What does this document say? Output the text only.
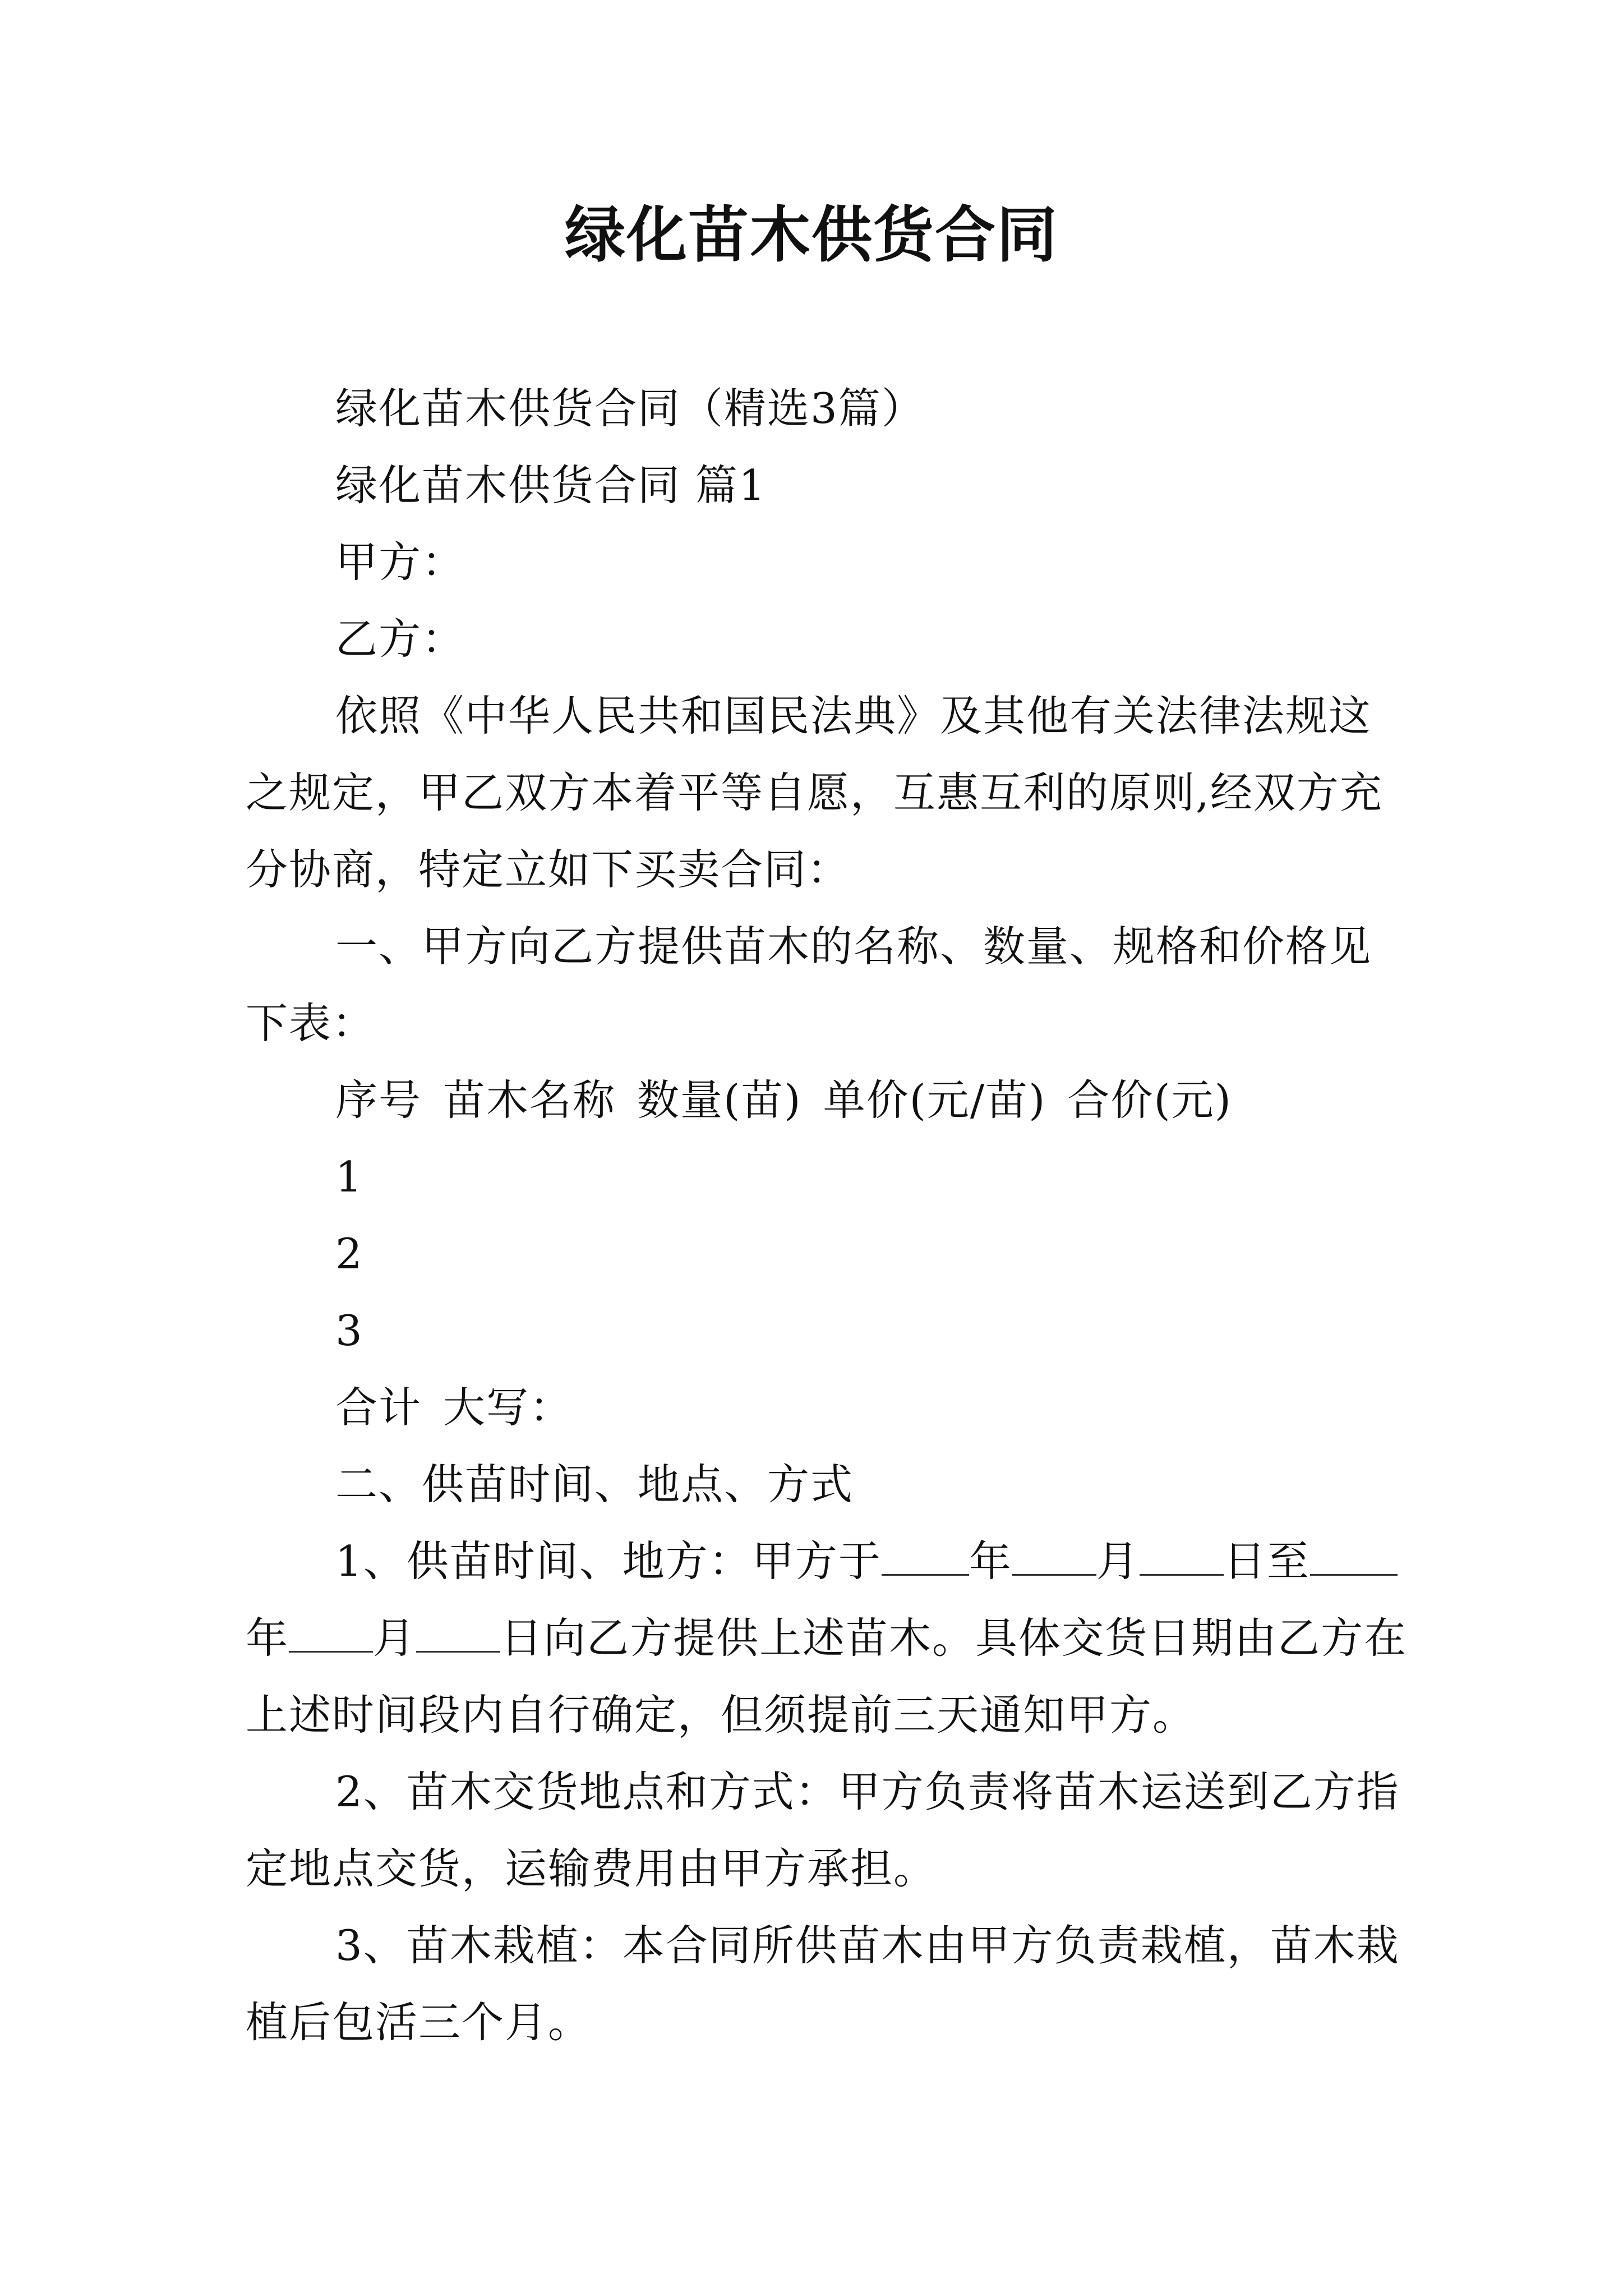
绿化苗木供货合同

绿化苗木供货合同（精选3篇）

绿化苗木供货合同 篇1

甲方：

乙方：

依照《中华人民共和国民法典》及其他有关法律法规这之规定，甲乙双方本着平等自愿，互惠互利的原则,经双方充分协商，特定立如下买卖合同：

一、甲方向乙方提供苗木的名称、数量、规格和价格见下表：

序号 苗木名称 数量(苗) 单价(元/苗) 合价(元)

1

2

3

合计 大写：

二、供苗时间、地点、方式

1、供苗时间、地方：甲方于 年 月 日至年 月 日向乙方提供上述苗木。具体交货日期由乙方在上述时间段内自行确定，但须提前三天通知甲方。

2、苗木交货地点和方式：甲方负责将苗木运送到乙方指定地点交货，运输费用由甲方承担。

3、苗木栽植：本合同所供苗木由甲方负责栽植，苗木栽植后包活三个月。
